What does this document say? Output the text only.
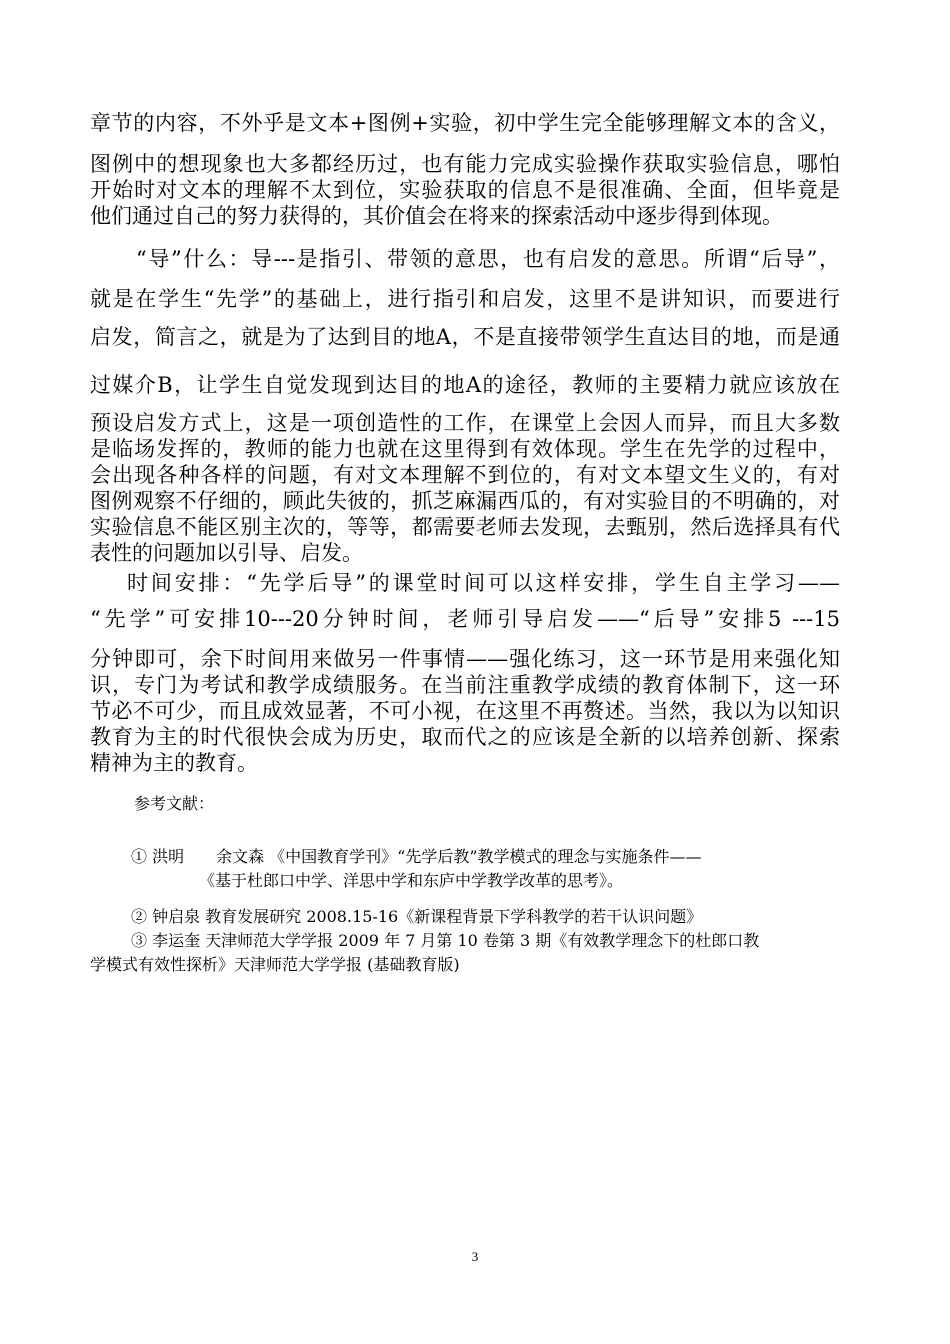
章节的内容，不外乎是文本+图例+实验，初中学生完全能够理解文本的含义，
图例中的想现象也大多都经历过，也有能力完成实验操作获取实验信息，哪怕
开始时对文本的理解不太到位，实验获取的信息不是很准确、全面，但毕竟是
他们通过自己的努力获得的，其价值会在将来的探索活动中逐步得到体现。
“导”什么：导---是指引、带领的意思，也有启发的意思。所谓“后导”，
就是在学生“先学”的基础上，进行指引和启发，这里不是讲知识，而要进行
启发，简言之，就是为了达到目的地A，不是直接带领学生直达目的地，而是通
过媒介B，让学生自觉发现到达目的地A的途径，教师的主要精力就应该放在
预设启发方式上，这是一项创造性的工作，在课堂上会因人而异，而且大多数
是临场发挥的，教师的能力也就在这里得到有效体现。学生在先学的过程中，
会出现各种各样的问题，有对文本理解不到位的，有对文本望文生义的，有对
图例观察不仔细的，顾此失彼的，抓芝麻漏西瓜的，有对实验目的不明确的，对
实验信息不能区别主次的，等等，都需要老师去发现，去甄别，然后选择具有代
表性的问题加以引导、启发。
时间安排：“先学后导”的课堂时间可以这样安排，学生自主学习——
“先学”可安排10---20分钟时间，老师引导启发——“后导”安排5 ---15
分钟即可，余下时间用来做另一件事情——强化练习，这一环节是用来强化知
识，专门为考试和教学成绩服务。在当前注重教学成绩的教育体制下，这一环
节必不可少，而且成效显著，不可小视，在这里不再赘述。当然，我以为以知识
教育为主的时代很快会成为历史，取而代之的应该是全新的以培养创新、探索
精神为主的教育。
参考文献：
① 洪明　　余文森 《中国教育学刊》“先学后教”教学模式的理念与实施条件——
《基于杜郎口中学、洋思中学和东庐中学教学改革的思考》。
② 钟启泉 教育发展研究 2008.15-16《新课程背景下学科教学的若干认识问题》
③ 李运奎 天津师范大学学报 2009 年 7 月第 10 卷第 3 期《有效教学理念下的杜郎口教
学模式有效性探析》天津师范大学学报 (基础教育版)
3
